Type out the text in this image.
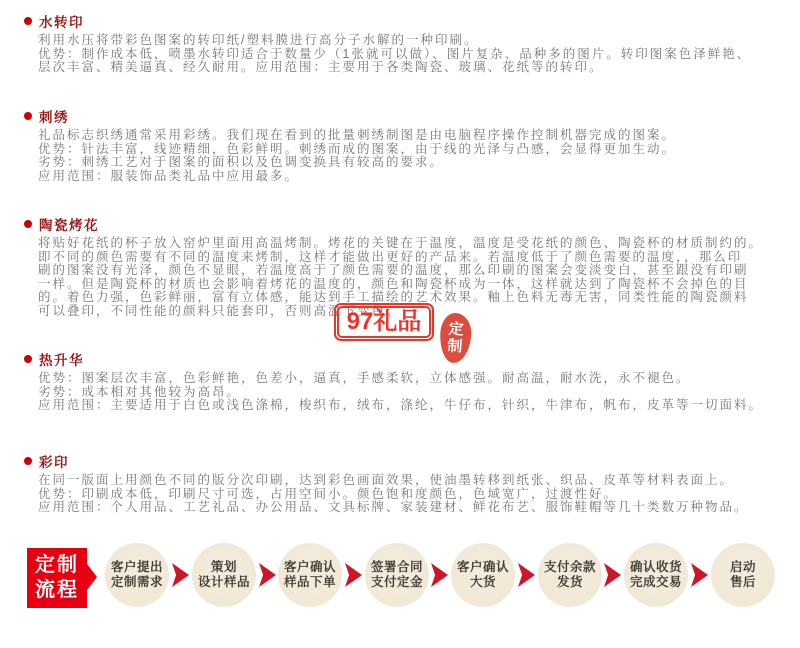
水转印
利用水压将带彩色图案的转印纸/塑料膜进行高分子水解的一种印刷。
优势：制作成本低，喷墨水转印适合于数量少（1张就可以做）、图片复杂、品种多的图片。转印图案色泽鲜艳、
层次丰富、精美逼真、经久耐用。应用范围：主要用于各类陶瓷、玻璃、花纸等的转印。
刺绣
礼品标志织绣通常采用彩绣。我们现在看到的批量刺绣制图是由电脑程序操作控制机器完成的图案。
优势：针法丰富，线迹精细，色彩鲜明。刺绣而成的图案，由于线的光泽与凸感，会显得更加生动。
劣势：刺绣工艺对于图案的面积以及色调变换具有较高的要求。
应用范围：服装饰品类礼品中应用最多。
陶瓷烤花
将贴好花纸的杯子放入窑炉里面用高温烤制。烤花的关键在于温度，温度是受花纸的颜色、陶瓷杯的材质制约的。
即不同的颜色需要有不同的温度来烤制，这样才能做出更好的产品来。若温度低于了颜色需要的温度，，那么印
刷的图案没有光泽，颜色不显眼，若温度高于了颜色需要的温度，那么印刷的图案会变淡变白，甚至跟没有印刷
一样。但是陶瓷杯的材质也会影响着烤花的温度的，颜色和陶瓷杯成为一体，这样就达到了陶瓷杯不会掉色的目
的。着色力强，色彩鲜丽，富有立体感，能达到手工描绘的艺术效果。釉上色料无毒无害，同类性能的陶瓷颜料
可以叠印，不同性能的颜料只能套印，否则高温下变色。
热升华
优势：图案层次丰富，色彩鲜艳，色差小，逼真，手感柔软，立体感强。耐高温，耐水洗，永不褪色。
劣势：成本相对其他较为高昂。
应用范围：主要适用于白色或浅色涤棉，梭织布，绒布，涤纶，牛仔布，针织，牛津布，帆布，皮革等一切面料。
彩印
在同一版面上用颜色不同的版分次印刷，达到彩色画面效果，使油墨转移到纸张、织品、皮革等材料表面上。
优势：印刷成本低，印刷尺寸可选，占用空间小。颜色饱和度颜色，色域宽广，过渡性好。
应用范围：个人用品、工艺礼品、办公用品、文具标牌、家装建材、鲜花布艺、服饰鞋帽等几十类数万种物品。
97礼品 定
制
定制
流程
客户提出
定制需求
策划
设计样品
客户确认
样品下单
签署合同
支付定金
客户确认
大货
支付余款
发货
确认收货
完成交易
启动
售后
